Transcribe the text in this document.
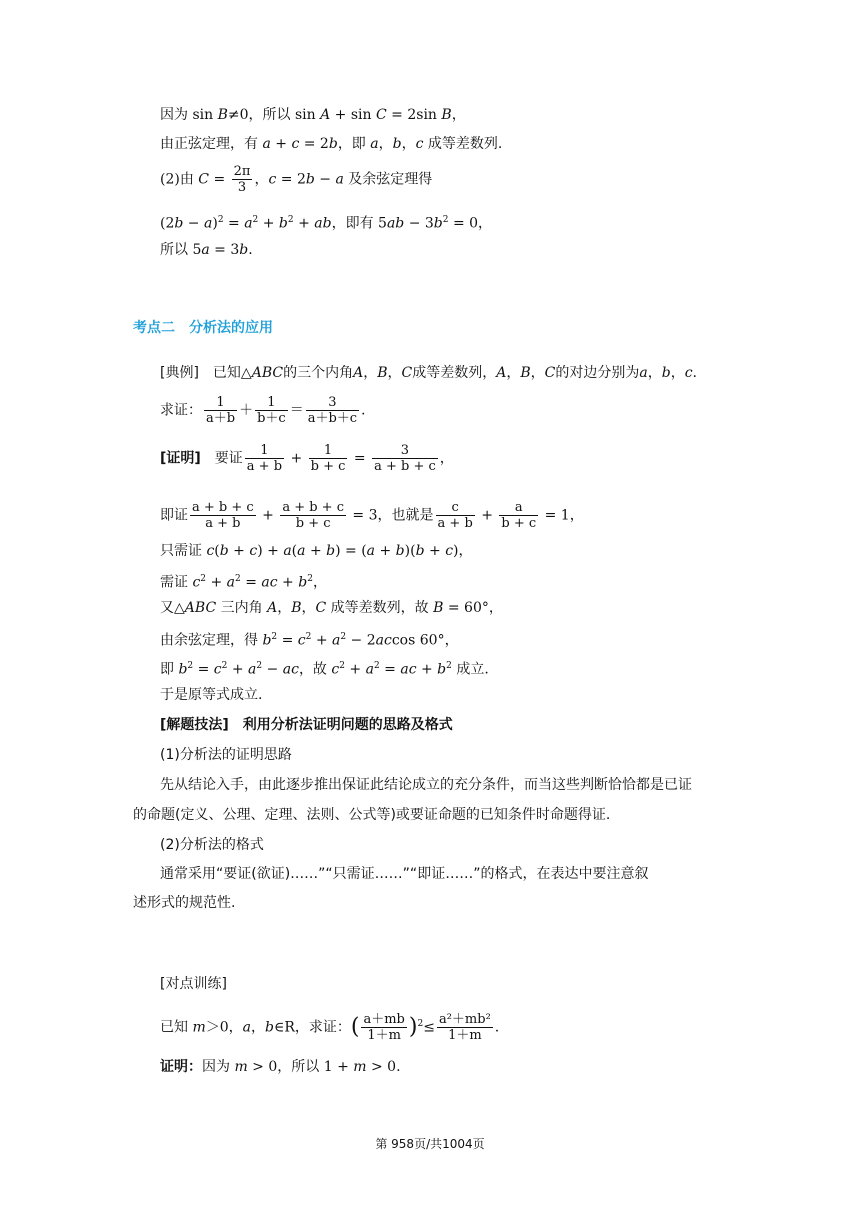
因为 sin B≠0，所以 sin A + sin C = 2sin B，
由正弦定理，有 a + c = 2b，即 a，b，c 成等差数列.
(2)由 $C = \frac{2\pi}{3}$ ，c = 2b − a 及余弦定理得
$(2b - a)^2 = a^2 + b^2$ + ab，即有 $5ab - 3b^2 = 0$，
所以 5a = 3b.
考点二　分析法的应用
[典例]　已知△ABC的三个内角A，B，C成等差数列，A，B，C的对边分别为a，b，c.
求证： $\frac{1}{a+b} + \frac{1}{b+c} = \frac{3}{a+b+c}$ .
[证明]　要证 $\frac{1}{a + b} + \frac{1}{b + c} = \frac{3}{a + b + c}$ ，
即证 $\frac{a + b + c}{a + b} + \frac{a + b + c}{b + c} = 3$，也就是 $\frac{c}{a + b} + \frac{a}{b + c} = 1$，
只需证 c(b + c) + a(a + b) = (a + b)(b + c)，
需证 $c^2 + a^2$ = ac + $b^2$，
又△ABC 三内角 A，B，C 成等差数列，故 B = 60°，
由余弦定理，得 $b^2 = c^2 + a^2 - 2accos$ 60°，
即 $b^2 = c^2 + a^2$ − ac，故 $c^2 + a^2$ = ac + $b^2$ 成立.
于是原等式成立.
[解题技法]　利用分析法证明问题的思路及格式
(1)分析法的证明思路
先从结论入手，由此逐步推出保证此结论成立的充分条件，而当这些判断恰恰都是已证
的命题(定义、公理、定理、法则、公式等)或要证命题的已知条件时命题得证.
(2)分析法的格式
通常采用“要证(欲证)……”“只需证……”“即证……”的格式，在表达中要注意叙
述形式的规范性.
[对点训练]
已知 m＞0，a，b∈R，求证：( $\frac{a+mb}{1+m} )^2\le \frac{\text{a²＋mb²}}{1+m}$ .
证明：因为 m > 0，所以 1 + m > 0.
第 958页/共1004页
